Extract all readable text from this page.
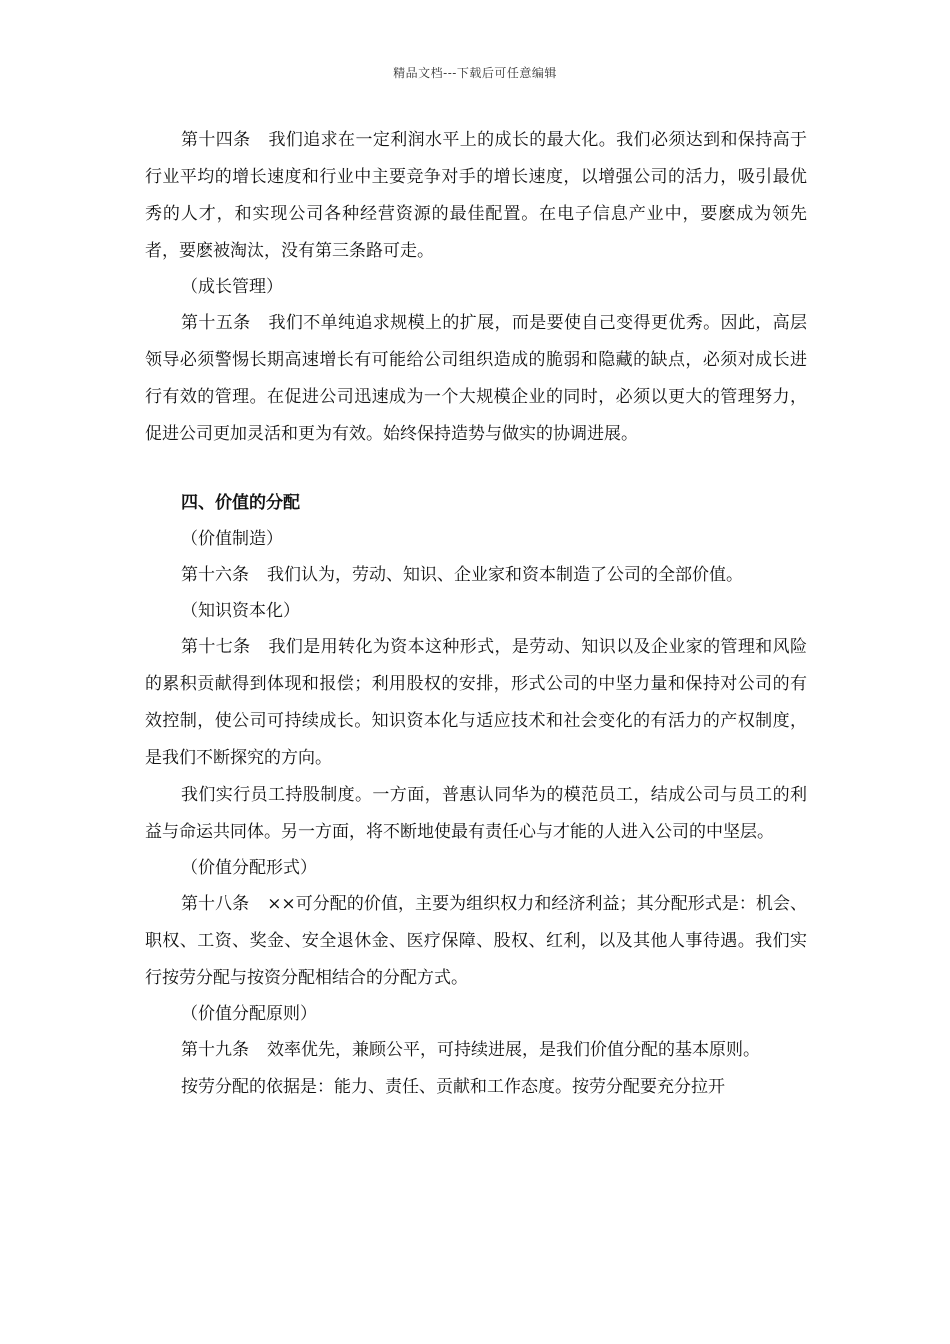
精品文档---下载后可任意编辑

第十四条 我们追求在一定利润水平上的成长的最大化。我们必须达到和保持高于行业平均的增长速度和行业中主要竞争对手的增长速度，以增强公司的活力，吸引最优秀的人才，和实现公司各种经营资源的最佳配置。在电子信息产业中，要麽成为领先者，要麽被淘汰，没有第三条路可走。

（成长管理）

第十五条 我们不单纯追求规模上的扩展，而是要使自己变得更优秀。因此，高层领导必须警惕长期高速增长有可能给公司组织造成的脆弱和隐藏的缺点，必须对成长进行有效的管理。在促进公司迅速成为一个大规模企业的同时，必须以更大的管理努力，促进公司更加灵活和更为有效。始终保持造势与做实的协调进展。

四、价值的分配

（价值制造）

第十六条 我们认为，劳动、知识、企业家和资本制造了公司的全部价值。

（知识资本化）

第十七条 我们是用转化为资本这种形式，是劳动、知识以及企业家的管理和风险的累积贡献得到体现和报偿；利用股权的安排，形式公司的中坚力量和保持对公司的有效控制，使公司可持续成长。知识资本化与适应技术和社会变化的有活力的产权制度，是我们不断探究的方向。

我们实行员工持股制度。一方面，普惠认同华为的模范员工，结成公司与员工的利益与命运共同体。另一方面，将不断地使最有责任心与才能的人进入公司的中坚层。

（价值分配形式）

第十八条 ××可分配的价值，主要为组织权力和经济利益；其分配形式是：机会、职权、工资、奖金、安全退休金、医疗保障、股权、红利，以及其他人事待遇。我们实行按劳分配与按资分配相结合的分配方式。

（价值分配原则）

第十九条 效率优先，兼顾公平，可持续进展，是我们价值分配的基本原则。

按劳分配的依据是：能力、责任、贡献和工作态度。按劳分配要充分拉开
